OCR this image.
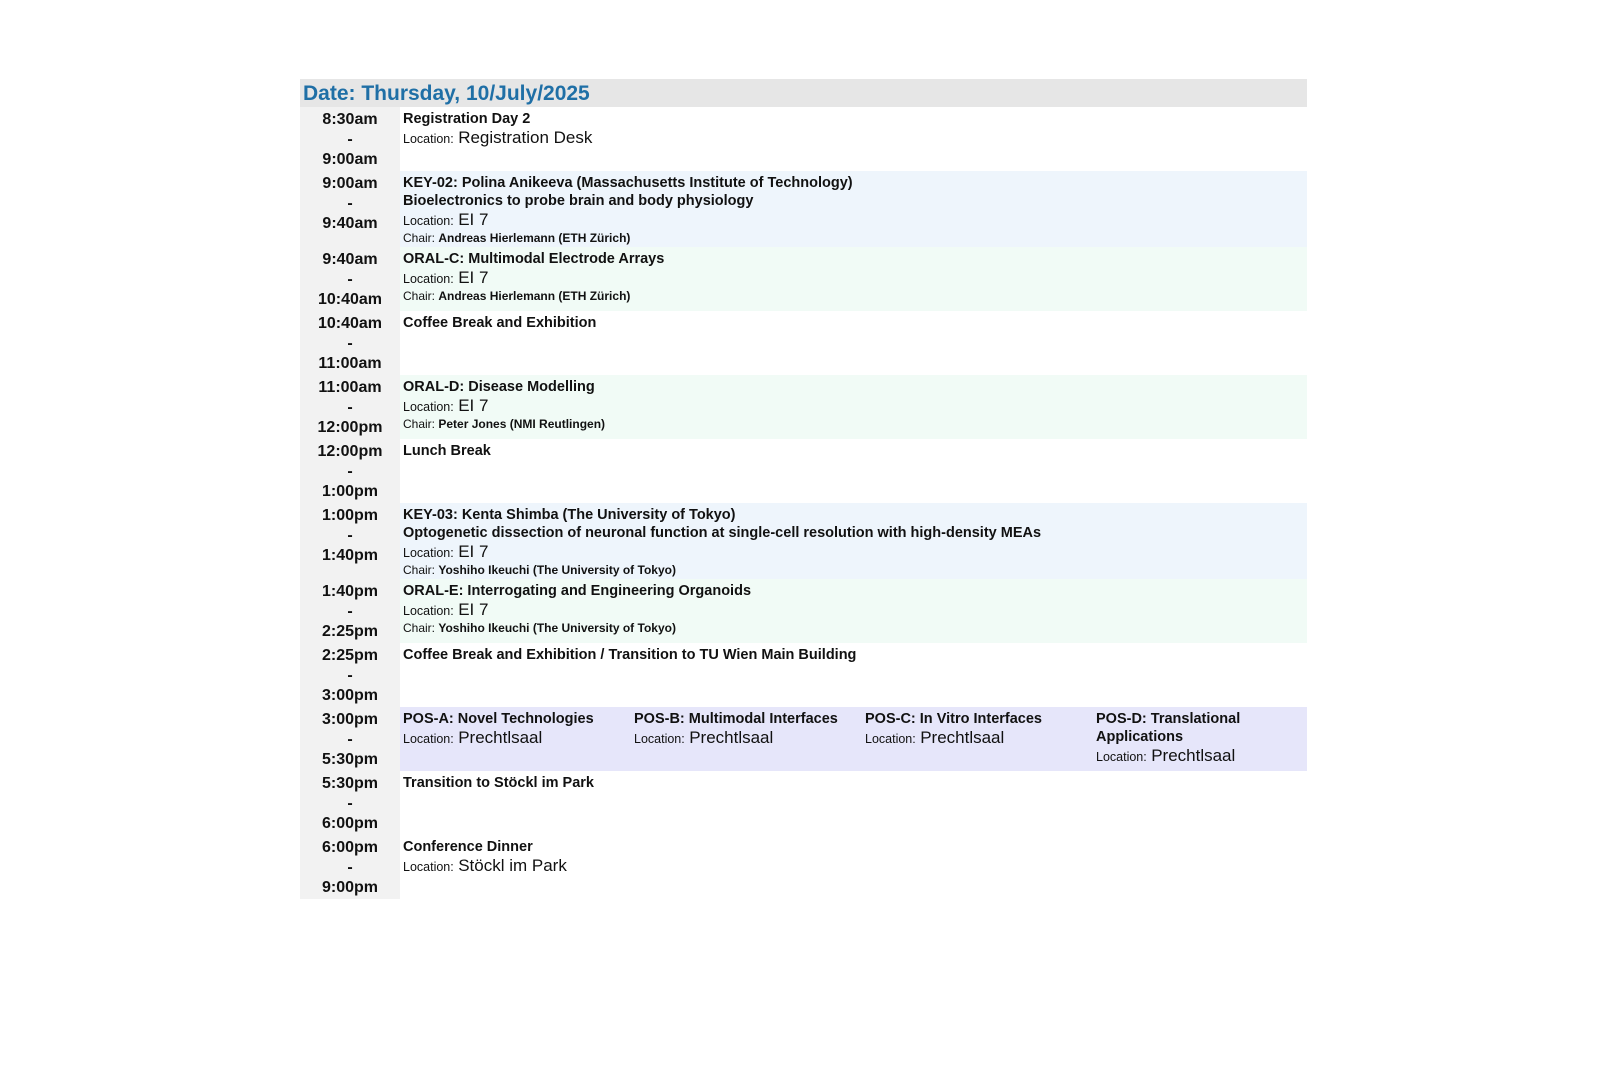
Date: Thursday, 10/July/2025
8:30am
-
9:00am
Registration Day 2
Location: Registration Desk
9:00am
-
9:40am
KEY-02: Polina Anikeeva (Massachusetts Institute of Technology)
Bioelectronics to probe brain and body physiology
Location: EI 7
Chair: Andreas Hierlemann (ETH Zürich)
9:40am
-
10:40am
ORAL-C: Multimodal Electrode Arrays
Location: EI 7
Chair: Andreas Hierlemann (ETH Zürich)
10:40am
-
11:00am
Coffee Break and Exhibition
11:00am
-
12:00pm
ORAL-D: Disease Modelling
Location: EI 7
Chair: Peter Jones (NMI Reutlingen)
12:00pm
-
1:00pm
Lunch Break
1:00pm
-
1:40pm
KEY-03: Kenta Shimba (The University of Tokyo)
Optogenetic dissection of neuronal function at single-cell resolution with high-density MEAs
Location: EI 7
Chair: Yoshiho Ikeuchi (The University of Tokyo)
1:40pm
-
2:25pm
ORAL-E: Interrogating and Engineering Organoids
Location: EI 7
Chair: Yoshiho Ikeuchi (The University of Tokyo)
2:25pm
-
3:00pm
Coffee Break and Exhibition / Transition to TU Wien Main Building
3:00pm
-
5:30pm
POS-A: Novel Technologies
Location: Prechtlsaal
POS-B: Multimodal Interfaces
Location: Prechtlsaal
POS-C: In Vitro Interfaces
Location: Prechtlsaal
POS-D: Translational Applications
Location: Prechtlsaal
5:30pm
-
6:00pm
Transition to Stöckl im Park
6:00pm
-
9:00pm
Conference Dinner
Location: Stöckl im Park
